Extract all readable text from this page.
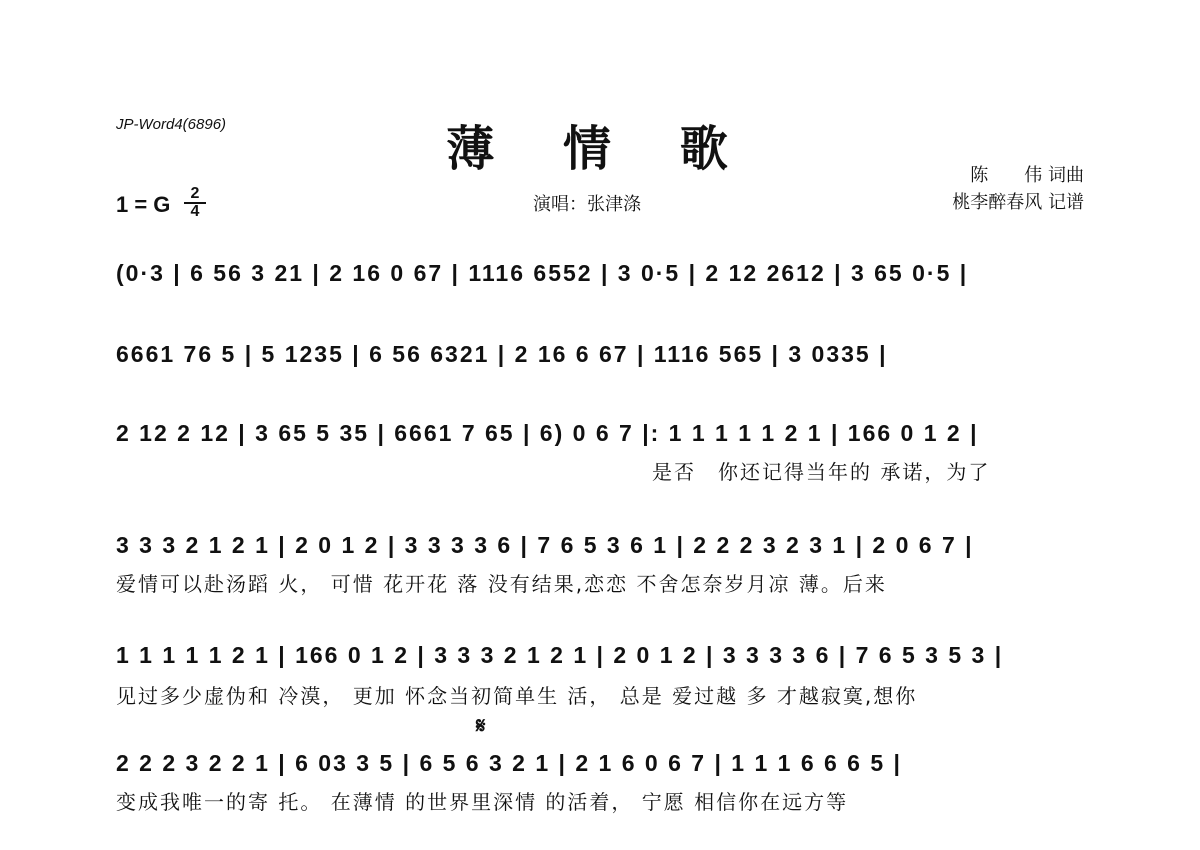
JP-Word4(6896)	薄 情 歌	陈　　伟 词曲
桃李醉春风 记谱
1 = G	2
4	演唱：张津涤
(0·3 | 6 56 3 21 | 2 16 0 67 | 1116 6552 | 3 0·5 | 2 12 2612 | 3 65 0·5 |
6661 76 5 | 5 1235 | 6 56 6321 | 2 16 6 67 | 1116 565 | 3 0335 |
2 12 2 12 | 3 65 5 35 | 6661 7 65 | 6) 0 6 7 |: 1 1 1 1 1 2 1 | 166 0 1 2 |
是否　你还记得当年的 承诺，为了
3 3 3 2 1 2 1 | 2 0 1 2 | 3 3 3 3 6 | 7 6 5 3 6 1 | 2 2 2 3 2 3 1 | 2 0 6 7 |
爱情可以赴汤蹈 火， 可惜 花开花 落 没有结果,恋恋 不舍怎奈岁月凉 薄。后来
1 1 1 1 1 2 1 | 166 0 1 2 | 3 3 3 2 1 2 1 | 2 0 1 2 | 3 3 3 3 6 | 7 6 5 3 5 3 |
见过多少虚伪和 冷漠， 更加 怀念当初简单生 活， 总是 爱过越 多 才越寂寞,想你
𝄋
2 2 2 3 2 2 1 | 6 03 3 5 | 6 5 6 3 2 1 | 2 1 6 0 6 7 | 1 1 1 6 6 6 5 |
变成我唯一的寄 托。 在薄情 的世界里深情 的活着， 宁愿 相信你在远方等
